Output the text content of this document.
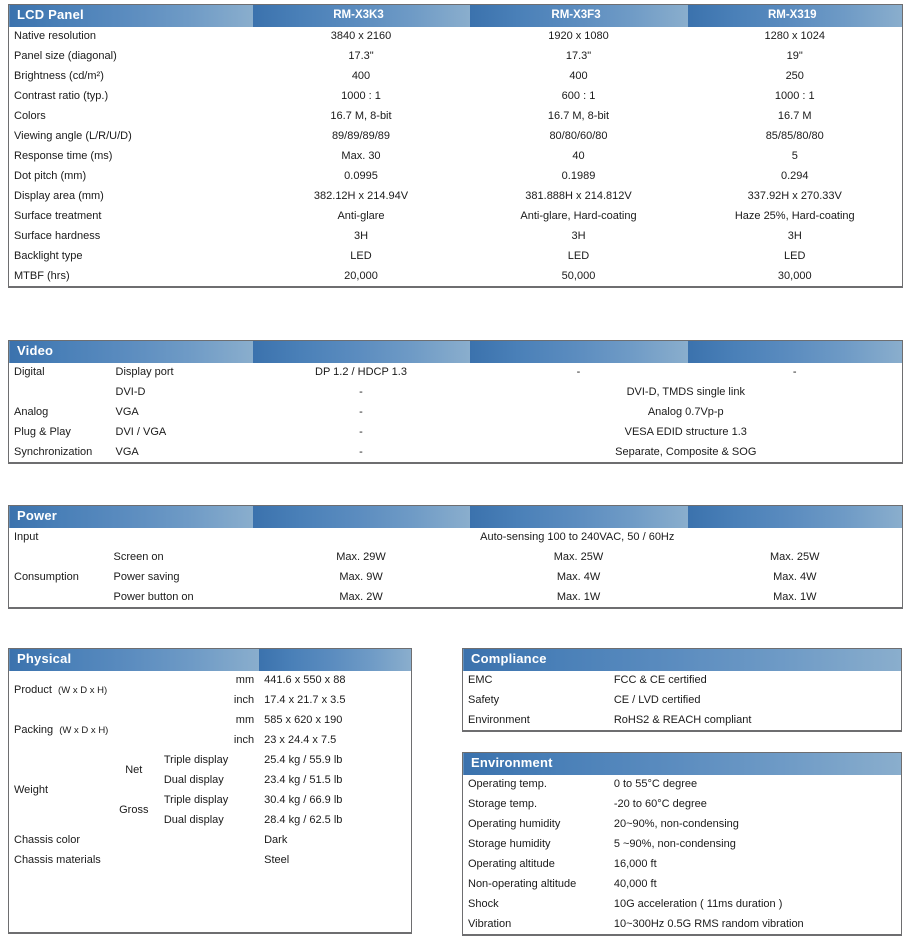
LCD Panel	RM-X3K3	RM-X3F3	RM-X319
Native resolution	3840 x 2160	1920 x 1080	1280 x 1024
Panel size (diagonal)	17.3"	17.3"	19"
Brightness (cd/m²)	400	400	250
Contrast ratio (typ.)	1000 : 1	600 : 1	1000 : 1
Colors	16.7 M, 8-bit	16.7 M, 8-bit	16.7 M
Viewing angle (L/R/U/D)	89/89/89/89	80/80/60/80	85/85/80/80
Response time (ms)	Max. 30	40	5
Dot pitch (mm)	0.0995	0.1989	0.294
Display area (mm)	382.12H x 214.94V	381.888H x 214.812V	337.92H x 270.33V
Surface treatment	Anti-glare	Anti-glare, Hard-coating	Haze 25%, Hard-coating
Surface hardness	3H	3H	3H
Backlight type	LED	LED	LED
MTBF (hrs)	20,000	50,000	30,000
Video				
Digital	Display port	DP 1.2 / HDCP 1.3	-	-
	DVI-D	-	DVI-D, TMDS single link	
Analog	VGA	-	Analog 0.7Vp-p	
Plug & Play	DVI / VGA	-	VESA EDID structure 1.3	
Synchronization	VGA	-	Separate, Composite & SOG	
Power				
Input		Auto-sensing 100 to 240VAC, 50 / 60Hz		
Consumption	Screen on	Max. 29W	Max. 25W	Max. 25W
	Power saving	Max. 9W	Max. 4W	Max. 4W
	Power button on	Max. 2W	Max. 1W	Max. 1W
Physical			
Product (W x D x H)		mm	441.6 x 550 x 88
		inch	17.4 x 21.7 x 3.5
Packing (W x D x H)		mm	585 x 620 x 190
		inch	23 x 24.4 x 7.5
Weight	Net	Triple display	25.4 kg / 55.9 lb
		Dual display	23.4 kg / 51.5 lb
	Gross	Triple display	30.4 kg / 66.9 lb
		Dual display	28.4 kg / 62.5 lb
Chassis color			Dark
Chassis materials			Steel

Compliance	
EMC	FCC & CE certified
Safety	CE / LVD certified
Environment	RoHS2 & REACH compliant
Environment	
Operating temp.	0 to 55°C degree
Storage temp.	-20 to 60°C degree
Operating humidity	20~90%, non-condensing
Storage humidity	5 ~90%, non-condensing
Operating altitude	16,000 ft
Non-operating altitude	40,000 ft
Shock	10G acceleration ( 11ms duration )
Vibration	10~300Hz 0.5G RMS random vibration
